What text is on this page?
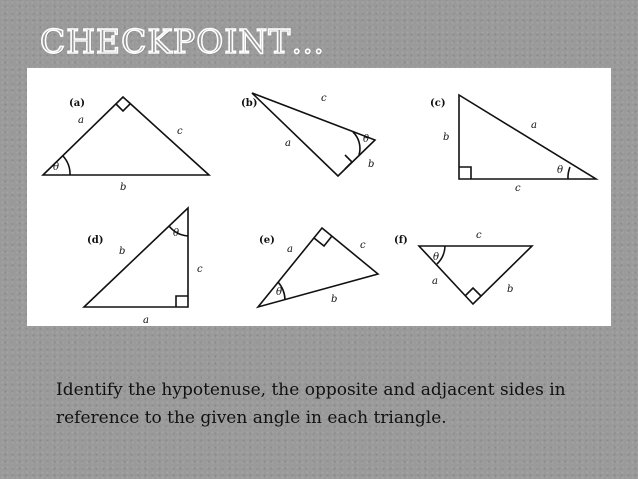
CHECKPOINT…
(a)
a
c
b
θ
(b)	c
a
b
θ
(c)
a
b
c
θ
(d)
b
c
a
θ
(e)
a	c
b
θ
(f)	c
a
b
θ
Identify the hypotenuse, the opposite and adjacent sides in reference to the given angle in each triangle.
